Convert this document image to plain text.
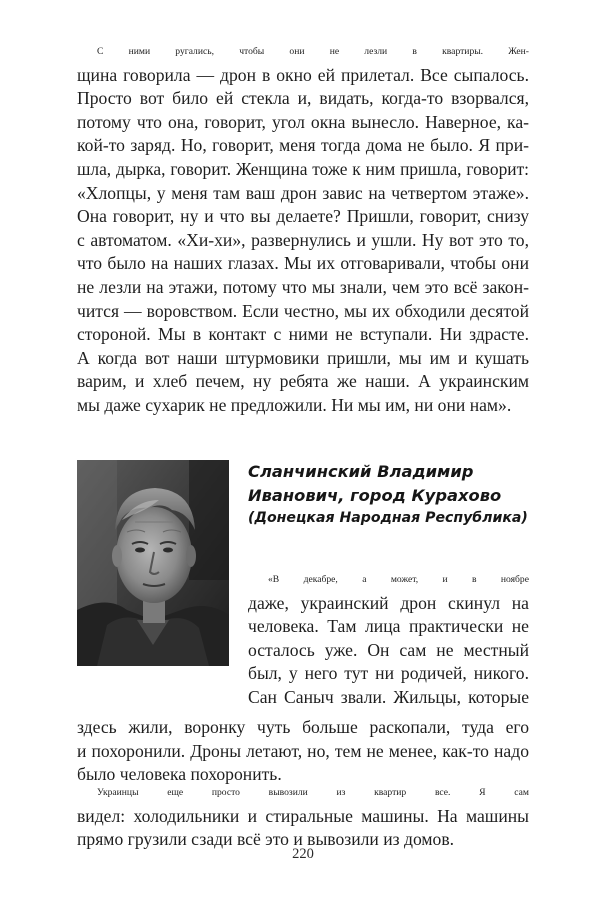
С ними ругались, чтобы они не лезли в квартиры. Жен-
щина говорила — дрон в окно ей прилетал. Все сыпалось.
Просто вот било ей стекла и, видать, когда-то взорвался,
потому что она, говорит, угол окна вынесло. Наверное, ка-
кой-то заряд. Но, говорит, меня тогда дома не было. Я при-
шла, дырка, говорит. Женщина тоже к ним пришла, говорит:
«Хлопцы, у меня там ваш дрон завис на четвертом этаже».
Она говорит, ну и что вы делаете? Пришли, говорит, снизу
с автоматом. «Хи-хи», развернулись и ушли. Ну вот это то,
что было на наших глазах. Мы их отговаривали, чтобы они
не лезли на этажи, потому что мы знали, чем это всё закон-
чится — воровством. Если честно, мы их обходили десятой
стороной. Мы в контакт с ними не вступали. Ни здрасте.
А когда вот наши штурмовики пришли, мы им и кушать
варим, и хлеб печем, ну ребята же наши. А украинским
мы даже сухарик не предложили. Ни мы им, ни они нам».

Сланчинский Владимир
Иванович, город Курахово
(Донецкая Народная Республика)

«В декабре, а может, и в ноябре
даже, украинский дрон скинул на
человека. Там лица практически не
осталось уже. Он сам не местный
был, у него тут ни родичей, никого.
Сан Саныч звали. Жильцы, которые

здесь жили, воронку чуть больше раскопали, туда его
и похоронили. Дроны летают, но, тем не менее, как-то надо
было человека похоронить.

Украинцы еще просто вывозили из квартир все. Я сам
видел: холодильники и стиральные машины. На машины
прямо грузили сзади всё это и вывозили из домов.

220
